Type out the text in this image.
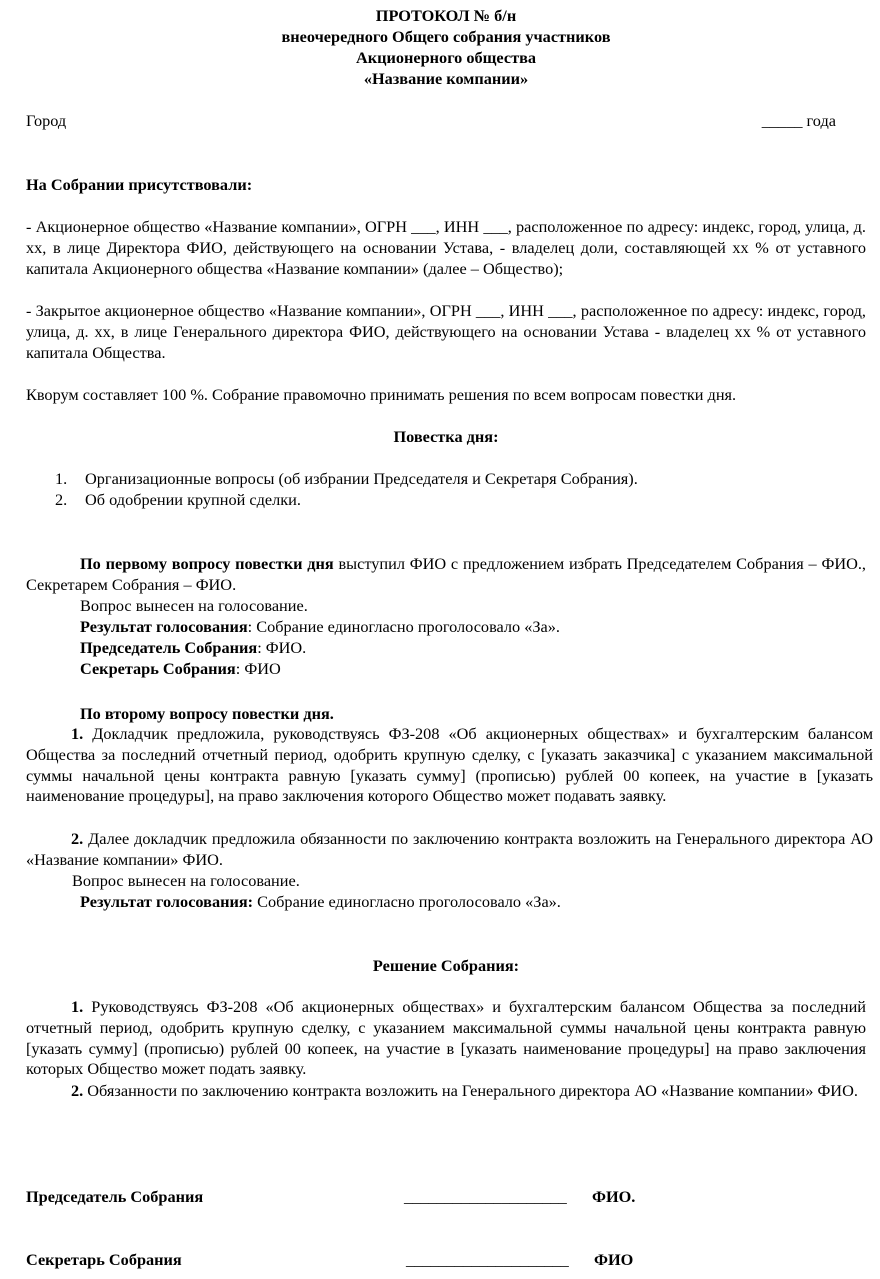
ПРОТОКОЛ № б/н
внеочередного Общего собрания участников
Акционерного общества
«Название компании»
Город	_____ года
На Собрании присутствовали:

- Акционерное общество «Название компании», ОГРН ___, ИНН ___, расположенное по адресу: индекс, город, улица, д. хх, в лице Директора ФИО, действующего на основании Устава, - владелец доли, составляющей хх % от уставного капитала Акционерного общества «Название компании» (далее – Общество);

- Закрытое акционерное общество «Название компании», ОГРН ___, ИНН ___, расположенное по адресу: индекс, город, улица, д. хх, в лице Генерального директора ФИО, действующего на основании Устава - владелец хх % от уставного капитала Общества.

Кворум составляет 100 %. Собрание правомочно принимать решения по всем вопросам повестки дня.
Повестка дня:
1. Организационные вопросы (об избрании Председателя и Секретаря Собрания).
2. Об одобрении крупной сделки.

По первому вопросу повестки дня выступил ФИО с предложением избрать Председателем Собрания – ФИО., Секретарем Собрания – ФИО.

Вопрос вынесен на голосование.
Результат голосования: Собрание единогласно проголосовало «За».
Председатель Собрания: ФИО.
Секретарь Собрания: ФИО
По второму вопросу повестки дня.

1. Докладчик предложила, руководствуясь ФЗ-208 «Об акционерных обществах» и бухгалтерским балансом Общества за последний отчетный период, одобрить крупную сделку, с [указать заказчика] с указанием максимальной суммы начальной цены контракта равную [указать сумму] (прописью) рублей 00 копеек, на участие в [указать наименование процедуры], на право заключения которого Общество может подавать заявку.

2. Далее докладчик предложила обязанности по заключению контракта возложить на Генерального директора АО «Название компании» ФИО.

Вопрос вынесен на голосование.
Результат голосования: Собрание единогласно проголосовало «За».
Решение Собрания:

1. Руководствуясь ФЗ-208 «Об акционерных обществах» и бухгалтерским балансом Общества за последний отчетный период, одобрить крупную сделку, с указанием максимальной суммы начальной цены контракта равную [указать сумму] (прописью) рублей 00 копеек, на участие в [указать наименование процедуры] на право заключения которых Общество может подать заявку.

2. Обязанности по заключению контракта возложить на Генерального директора АО «Название компании» ФИО.

Председатель Собрания	____________________ ФИО.
Секретарь Собрания	____________________ ФИО
